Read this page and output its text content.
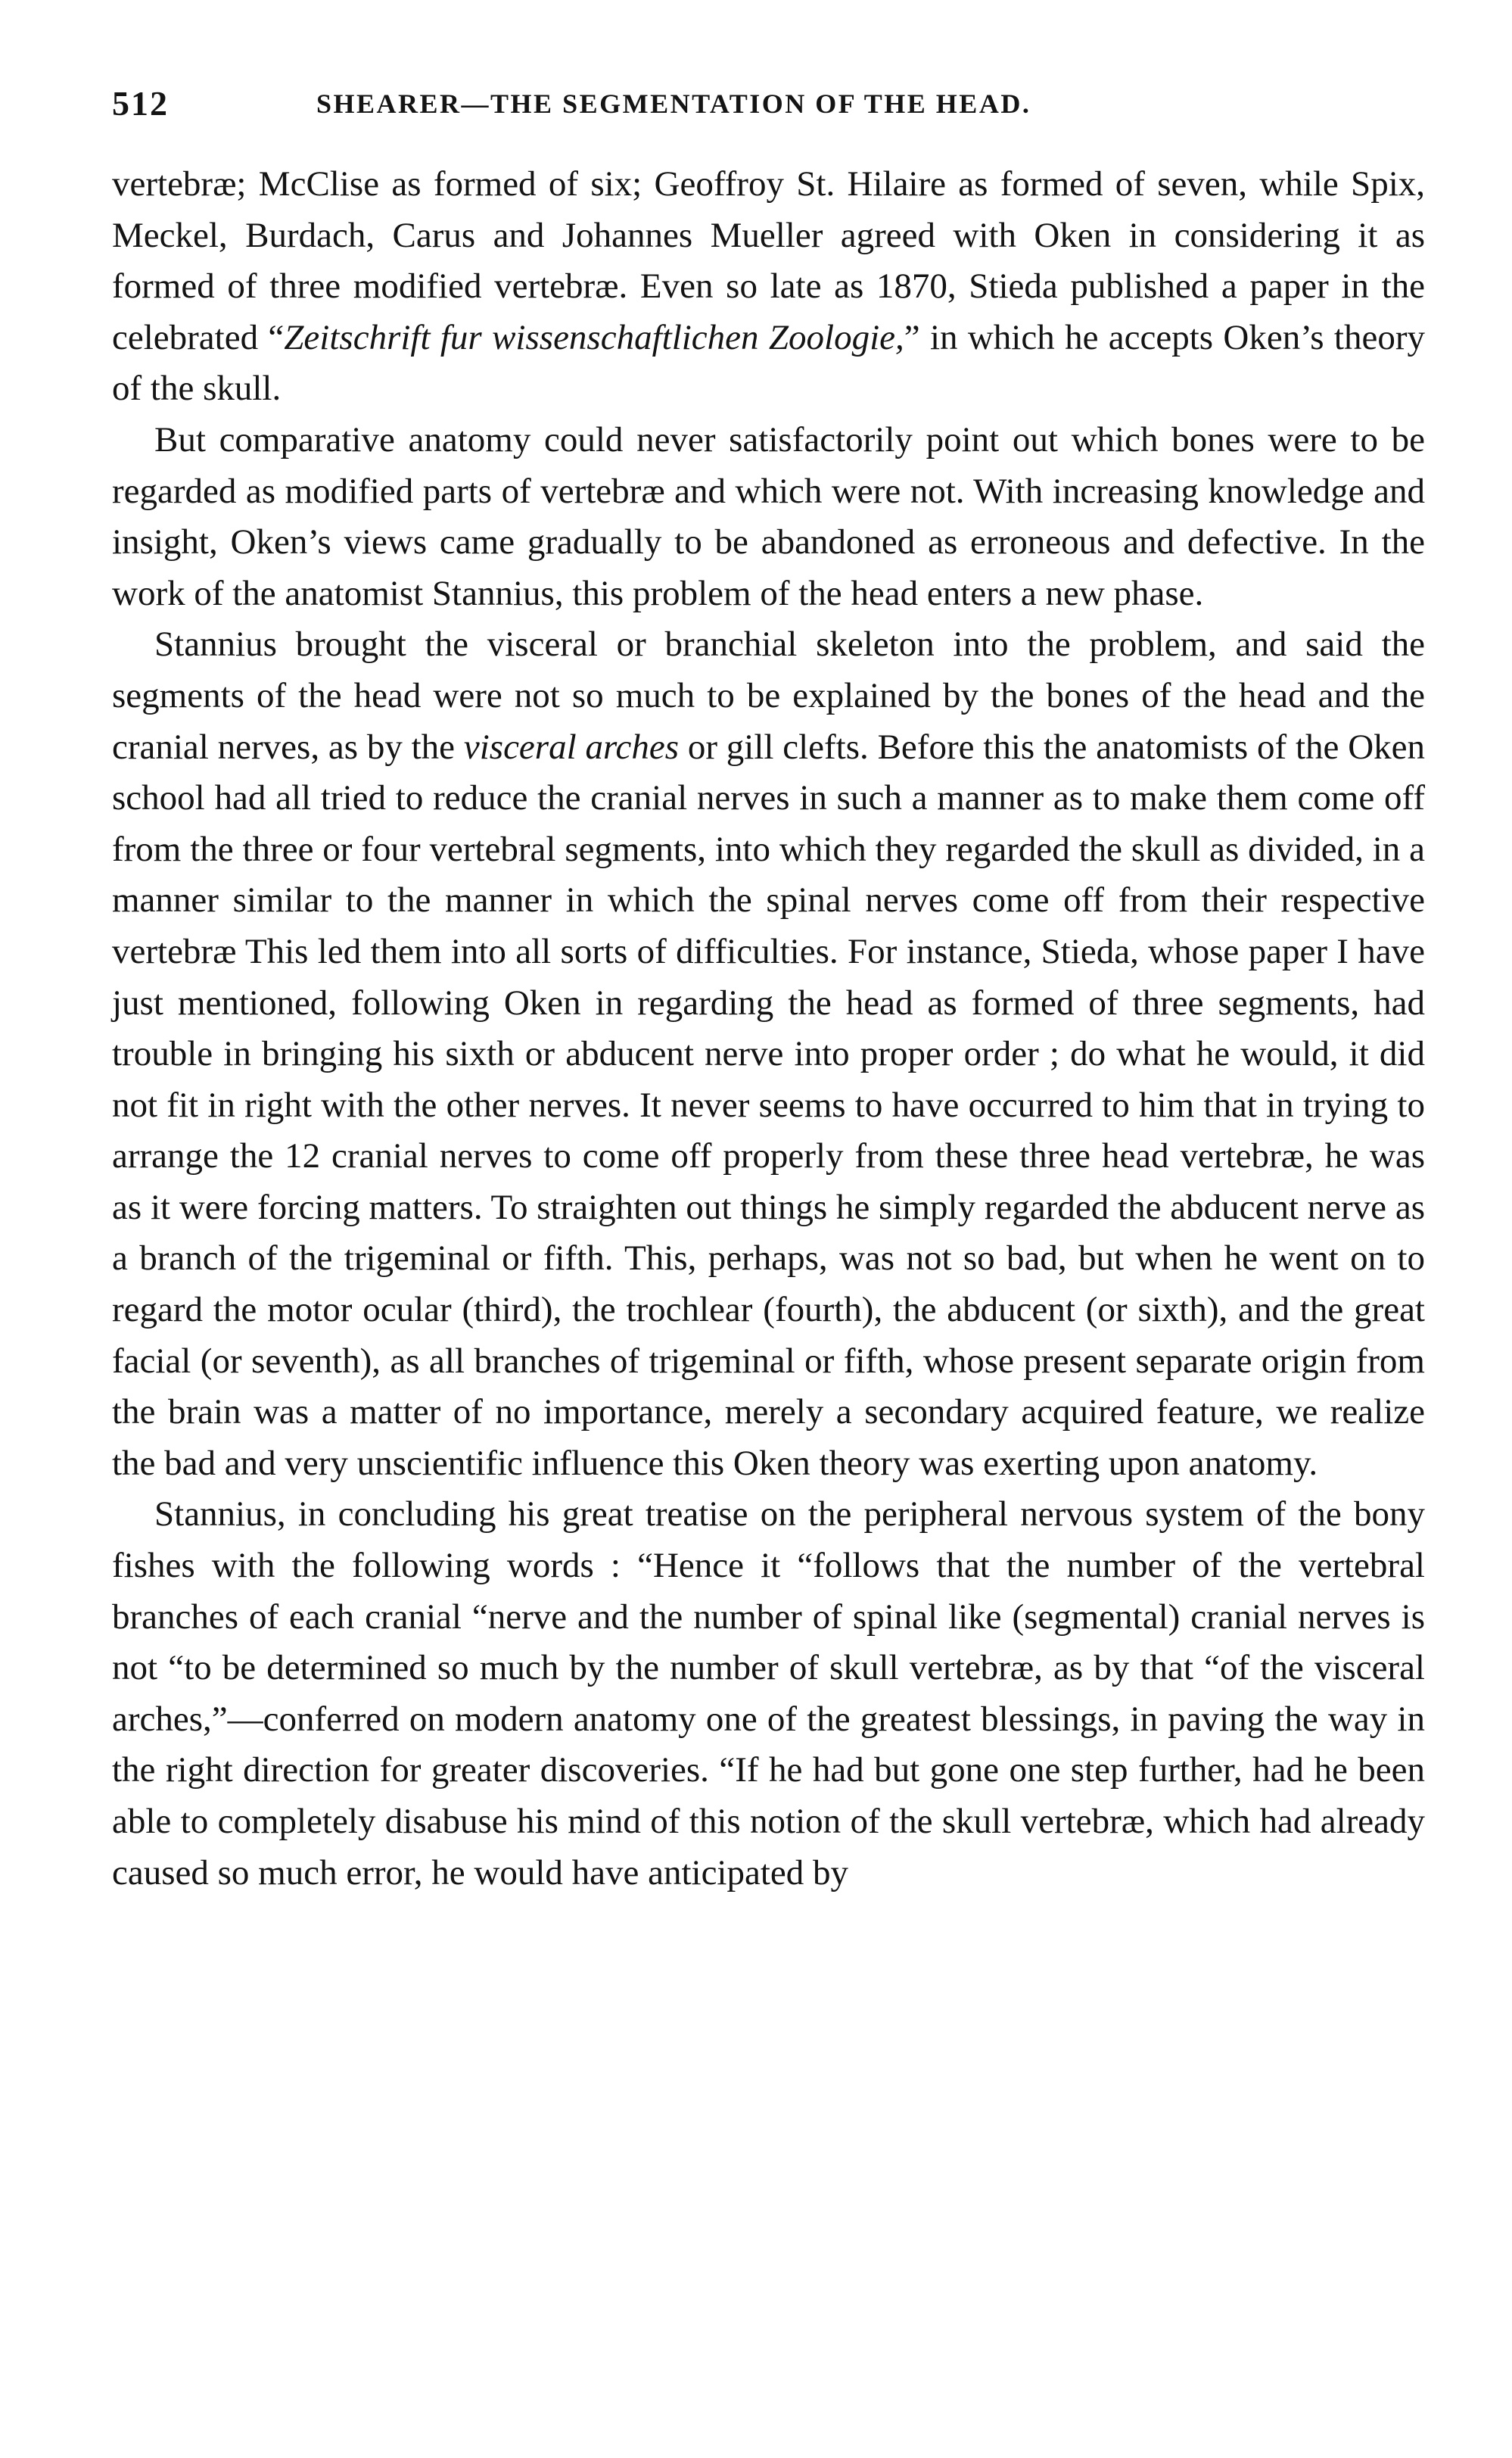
512	SHEARER—THE SEGMENTATION OF THE HEAD.

vertebræ; McClise as formed of six; Geoffroy St. Hilaire as formed of seven, while Spix, Meckel, Burdach, Carus and Johannes Mueller agreed with Oken in considering it as formed of three modified vertebræ. Even so late as 1870, Stieda published a paper in the celebrated “Zeitschrift fur wissenschaftlichen Zoologie,” in which he accepts Oken’s theory of the skull.

But comparative anatomy could never satisfactorily point out which bones were to be regarded as modified parts of vertebræ and which were not. With increasing knowledge and insight, Oken’s views came gradually to be abandoned as erroneous and defective. In the work of the anatomist Stannius, this problem of the head enters a new phase.

Stannius brought the visceral or branchial skeleton into the problem, and said the segments of the head were not so much to be explained by the bones of the head and the cranial nerves, as by the visceral arches or gill clefts. Before this the anatomists of the Oken school had all tried to reduce the cranial nerves in such a manner as to make them come off from the three or four vertebral segments, into which they regarded the skull as divided, in a manner similar to the manner in which the spinal nerves come off from their respective vertebræ This led them into all sorts of difficulties. For instance, Stieda, whose paper I have just mentioned, following Oken in regarding the head as formed of three segments, had trouble in bringing his sixth or abducent nerve into proper order ; do what he would, it did not fit in right with the other nerves. It never seems to have occurred to him that in trying to arrange the 12 cranial nerves to come off properly from these three head vertebræ, he was as it were forcing matters. To straighten out things he simply regarded the abducent nerve as a branch of the trigeminal or fifth. This, perhaps, was not so bad, but when he went on to regard the motor ocular (third), the trochlear (fourth), the abducent (or sixth), and the great facial (or seventh), as all branches of trigeminal or fifth, whose present separate origin from the brain was a matter of no importance, merely a secondary acquired feature, we realize the bad and very unscientific influence this Oken theory was exerting upon anatomy.

Stannius, in concluding his great treatise on the peripheral nervous system of the bony fishes with the following words : “Hence it “follows that the number of the vertebral branches of each cranial “nerve and the number of spinal like (segmental) cranial nerves is not “to be determined so much by the number of skull vertebræ, as by that “of the visceral arches,”—conferred on modern anatomy one of the greatest blessings, in paving the way in the right direction for greater discoveries. “If he had but gone one step further, had he been able to completely disabuse his mind of this notion of the skull vertebræ, which had already caused so much error, he would have anticipated by
